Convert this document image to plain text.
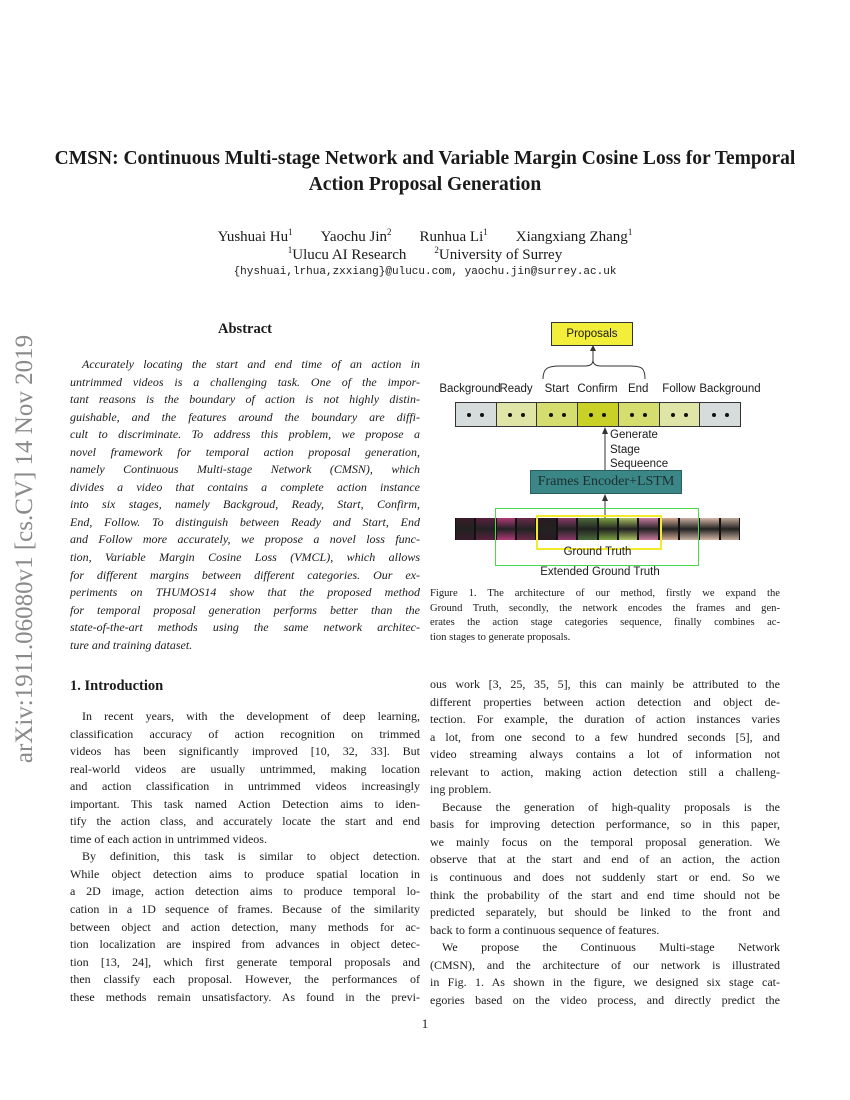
arXiv:1911.06080v1 [cs.CV] 14 Nov 2019
CMSN: Continuous Multi-stage Network and Variable Margin Cosine Loss for Temporal Action Proposal Generation
Yushuai Hu$^1$ Yaochu Jin$^2$ Runhua Li$^1$ Xiangxiang Zhang$^1$
$^1$Ulucu AI Research	$^2$University of Surrey
{hyshuai,lrhua,zxxiang}@ulucu.com, yaochu.jin@surrey.ac.uk
Abstract
Accurately locating the start and end time of an action in
untrimmed videos is a challenging task. One of the impor-
tant reasons is the boundary of action is not highly distin-
guishable, and the features around the boundary are diffi-
cult to discriminate. To address this problem, we propose a
novel framework for temporal action proposal generation,
namely Continuous Multi-stage Network (CMSN), which
divides a video that contains a complete action instance
into six stages, namely Backgroud, Ready, Start, Confirm,
End, Follow. To distinguish between Ready and Start, End
and Follow more accurately, we propose a novel loss func-
tion, Variable Margin Cosine Loss (VMCL), which allows
for different margins between different categories. Our ex-
periments on THUMOS14 show that the proposed method
for temporal proposal generation performs better than the
state-of-the-art methods using the same network architec-
ture and training dataset.
1. Introduction
In recent years, with the development of deep learning,
classification accuracy of action recognition on trimmed
videos has been significantly improved [10, 32, 33]. But
real-world videos are usually untrimmed, making location
and action classification in untrimmed videos increasingly
important. This task named Action Detection aims to iden-
tify the action class, and accurately locate the start and end
time of each action in untrimmed videos.
By definition, this task is similar to object detection.
While object detection aims to produce spatial location in
a 2D image, action detection aims to produce temporal lo-
cation in a 1D sequence of frames. Because of the similarity
between object and action detection, many methods for ac-
tion localization are inspired from advances in object detec-
tion [13, 24], which first generate temporal proposals and
then classify each proposal. However, the performances of
these methods remain unsatisfactory. As found in the previ-
ous work [3, 25, 35, 5], this can mainly be attributed to the
different properties between action detection and object de-
tection. For example, the duration of action instances varies
a lot, from one second to a few hundred seconds [5], and
video streaming always contains a lot of information not
relevant to action, making action detection still a challeng-
ing problem.
Because the generation of high-quality proposals is the
basis for improving detection performance, so in this paper,
we mainly focus on the temporal proposal generation. We
observe that at the start and end of an action, the action
is continuous and does not suddenly start or end. So we
think the probability of the start and end time should not be
predicted separately, but should be linked to the front and
back to form a continuous sequence of features.
We propose the Continuous Multi-stage Network
(CMSN), and the architecture of our network is illustrated
in Fig. 1. As shown in the figure, we designed six stage cat-
egories based on the video process, and directly predict the
Proposals
Background
Ready	Start Confirm End	Follow Background
Generate
Stage
Sequeence
Frames Encoder+LSTM
Ground Truth
Extended Ground Truth
Figure 1. The architecture of our method, firstly we expand the
Ground Truth, secondly, the network encodes the frames and gen-
erates the action stage categories sequence, finally combines ac-
tion stages to generate proposals.
1
